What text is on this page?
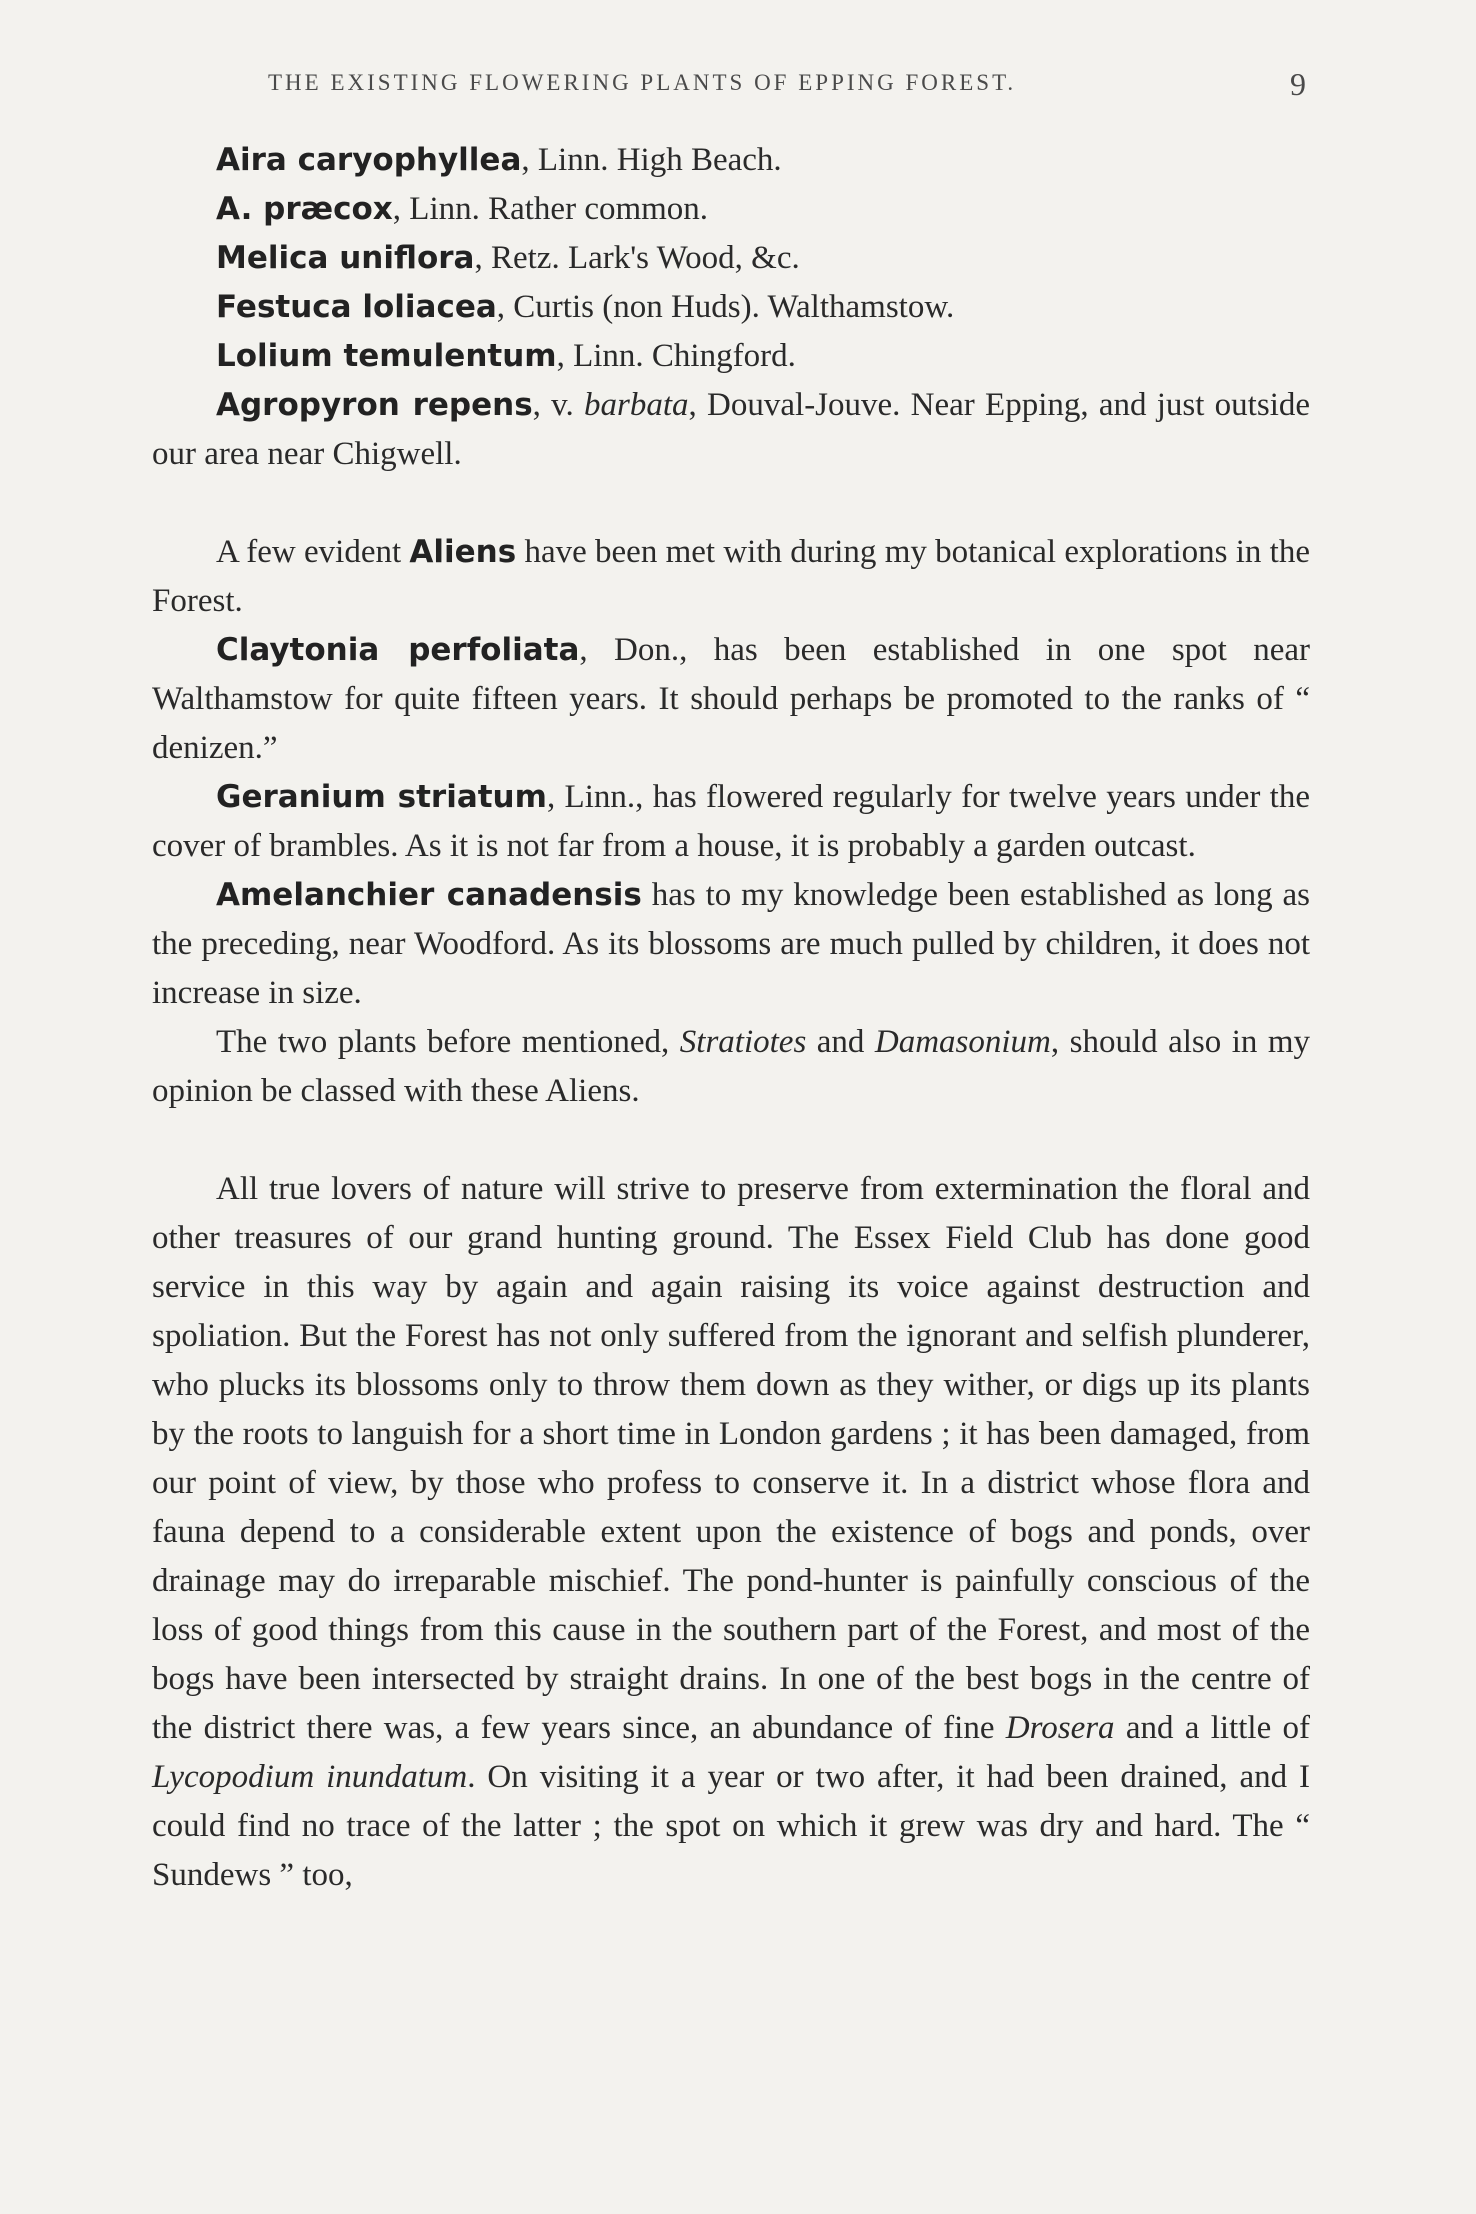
THE EXISTING FLOWERING PLANTS OF EPPING FOREST.	9

Aira caryophyllea, Linn. High Beach.

A. præcox, Linn. Rather common.

Melica uniflora, Retz. Lark's Wood, &c.

Festuca loliacea, Curtis (non Huds). Walthamstow.

Lolium temulentum, Linn. Chingford.

Agropyron repens, v. barbata, Douval-Jouve. Near Epping, and just outside our area near Chigwell.

A few evident Aliens have been met with during my botanical explorations in the Forest.

Claytonia perfoliata, Don., has been established in one spot near Walthamstow for quite fifteen years. It should perhaps be promoted to the ranks of “ denizen.”

Geranium striatum, Linn., has flowered regularly for twelve years under the cover of brambles. As it is not far from a house, it is probably a garden outcast.

Amelanchier canadensis has to my knowledge been established as long as the preceding, near Woodford. As its blossoms are much pulled by children, it does not increase in size.

The two plants before mentioned, Stratiotes and Damasonium, should also in my opinion be classed with these Aliens.

All true lovers of nature will strive to preserve from extermination the floral and other treasures of our grand hunting ground. The Essex Field Club has done good service in this way by again and again raising its voice against destruction and spoliation. But the Forest has not only suffered from the ignorant and selfish plunderer, who plucks its blossoms only to throw them down as they wither, or digs up its plants by the roots to languish for a short time in London gardens ; it has been damaged, from our point of view, by those who profess to conserve it. In a district whose flora and fauna depend to a considerable extent upon the existence of bogs and ponds, over drainage may do irreparable mischief. The pond-hunter is painfully conscious of the loss of good things from this cause in the southern part of the Forest, and most of the bogs have been intersected by straight drains. In one of the best bogs in the centre of the district there was, a few years since, an abundance of fine Drosera and a little of Lycopodium inundatum. On visiting it a year or two after, it had been drained, and I could find no trace of the latter ; the spot on which it grew was dry and hard. The “ Sundews ” too,
